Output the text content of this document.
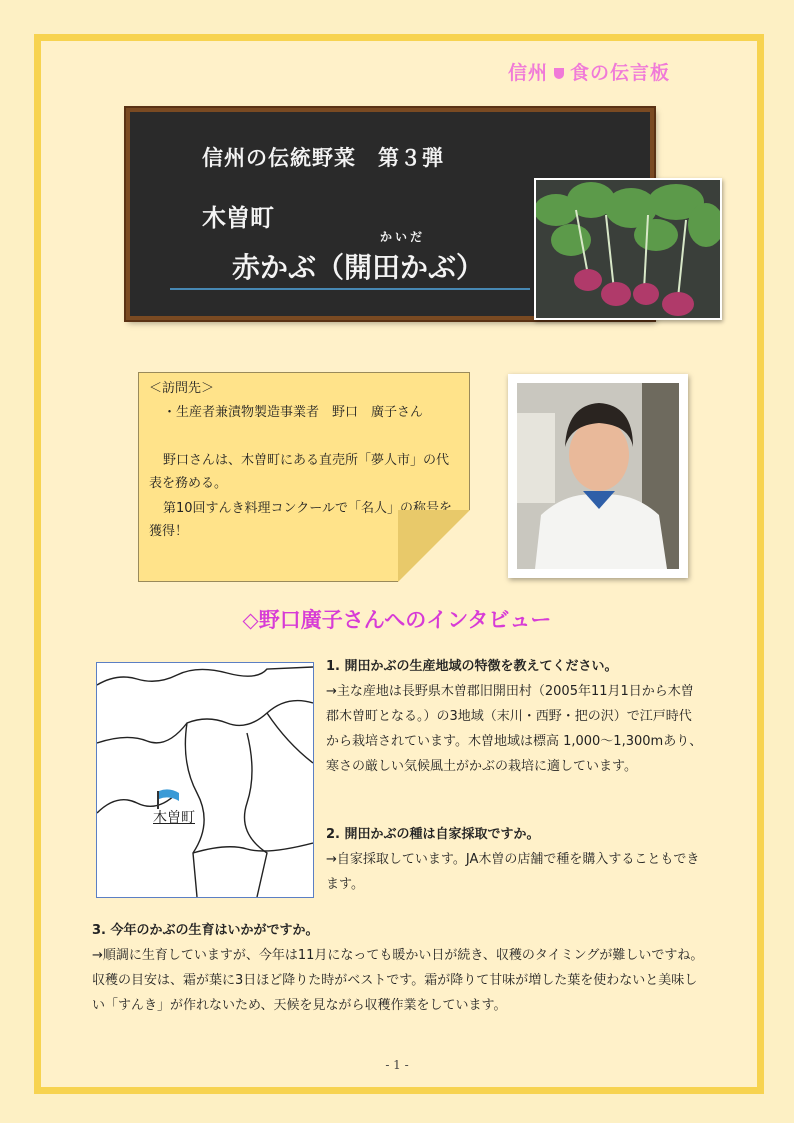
信州 食の伝言板
信州の伝統野菜　第３弾
木曽町
かいだ
赤かぶ（開田かぶ）

＜訪問先＞

・生産者兼漬物製造事業者　野口　廣子さん

野口さんは、木曽町にある直売所「夢人市」の代表を務める。

第10回すんき料理コンクールで「名人」の称号を獲得！

◇野口廣子さんへのインタビュー
木曽町

1. 開田かぶの生産地域の特徴を教えてください。

→主な産地は長野県木曽郡旧開田村（2005年11月1日から木曽郡木曽町となる。）の3地域（末川・西野・把の沢）で江戸時代から栽培されています。木曽地域は標高 1,000～1,300mあり、寒さの厳しい気候風土がかぶの栽培に適しています。

2. 開田かぶの種は自家採取ですか。

→自家採取しています。JA木曽の店舗で種を購入することもできます。

3. 今年のかぶの生育はいかがですか。

→順調に生育していますが、今年は11月になっても暖かい日が続き、収穫のタイミングが難しいですね。収穫の目安は、霜が葉に3日ほど降りた時がベストです。霜が降りて甘味が増した葉を使わないと美味しい「すんき」が作れないため、天候を見ながら収穫作業をしています。

- 1 -
